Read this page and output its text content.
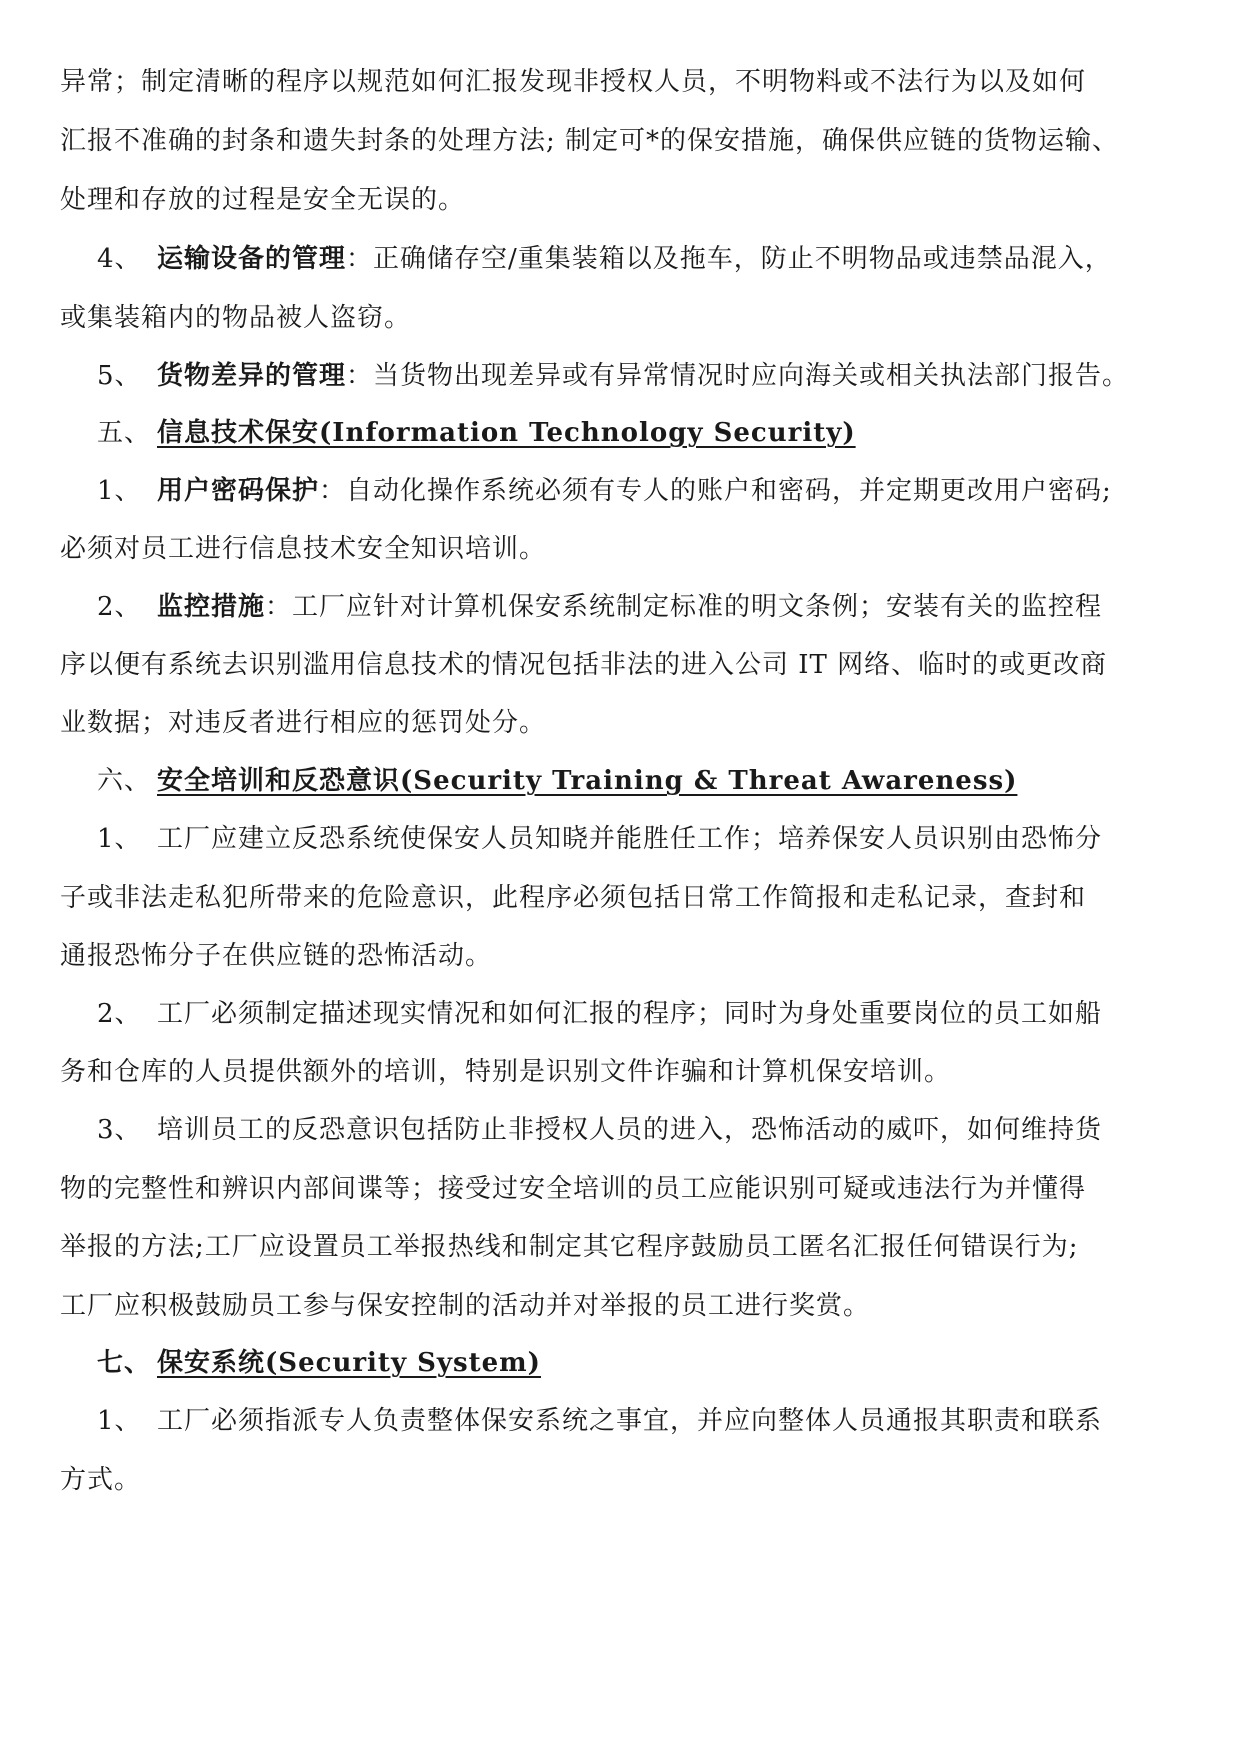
异常；制定清晰的程序以规范如何汇报发现非授权人员，不明物料或不法行为以及如何
汇报不准确的封条和遗失封条的处理方法; 制定可*的保安措施，确保供应链的货物运输、
处理和存放的过程是安全无误的。
4、 运输设备的管理：正确储存空/重集装箱以及拖车，防止不明物品或违禁品混入，
或集装箱内的物品被人盗窃。
5、 货物差异的管理：当货物出现差异或有异常情况时应向海关或相关执法部门报告。
五、 信息技术保安(Information Technology Security)
1、 用户密码保护：自动化操作系统必须有专人的账户和密码，并定期更改用户密码;
必须对员工进行信息技术安全知识培训。
2、 监控措施：工厂应针对计算机保安系统制定标准的明文条例；安装有关的监控程
序以便有系统去识别滥用信息技术的情况包括非法的进入公司 IT 网络、临时的或更改商
业数据；对违反者进行相应的惩罚处分。
六、 安全培训和反恐意识(Security Training & Threat Awareness)
1、 工厂应建立反恐系统使保安人员知晓并能胜任工作；培养保安人员识别由恐怖分
子或非法走私犯所带来的危险意识，此程序必须包括日常工作简报和走私记录，查封和
通报恐怖分子在供应链的恐怖活动。
2、 工厂必须制定描述现实情况和如何汇报的程序；同时为身处重要岗位的员工如船
务和仓库的人员提供额外的培训，特别是识别文件诈骗和计算机保安培训。
3、 培训员工的反恐意识包括防止非授权人员的进入，恐怖活动的威吓，如何维持货
物的完整性和辨识内部间谍等；接受过安全培训的员工应能识别可疑或违法行为并懂得
举报的方法;工厂应设置员工举报热线和制定其它程序鼓励员工匿名汇报任何错误行为;
工厂应积极鼓励员工参与保安控制的活动并对举报的员工进行奖赏。
七、 保安系统(Security System)
1、 工厂必须指派专人负责整体保安系统之事宜，并应向整体人员通报其职责和联系
方式。
